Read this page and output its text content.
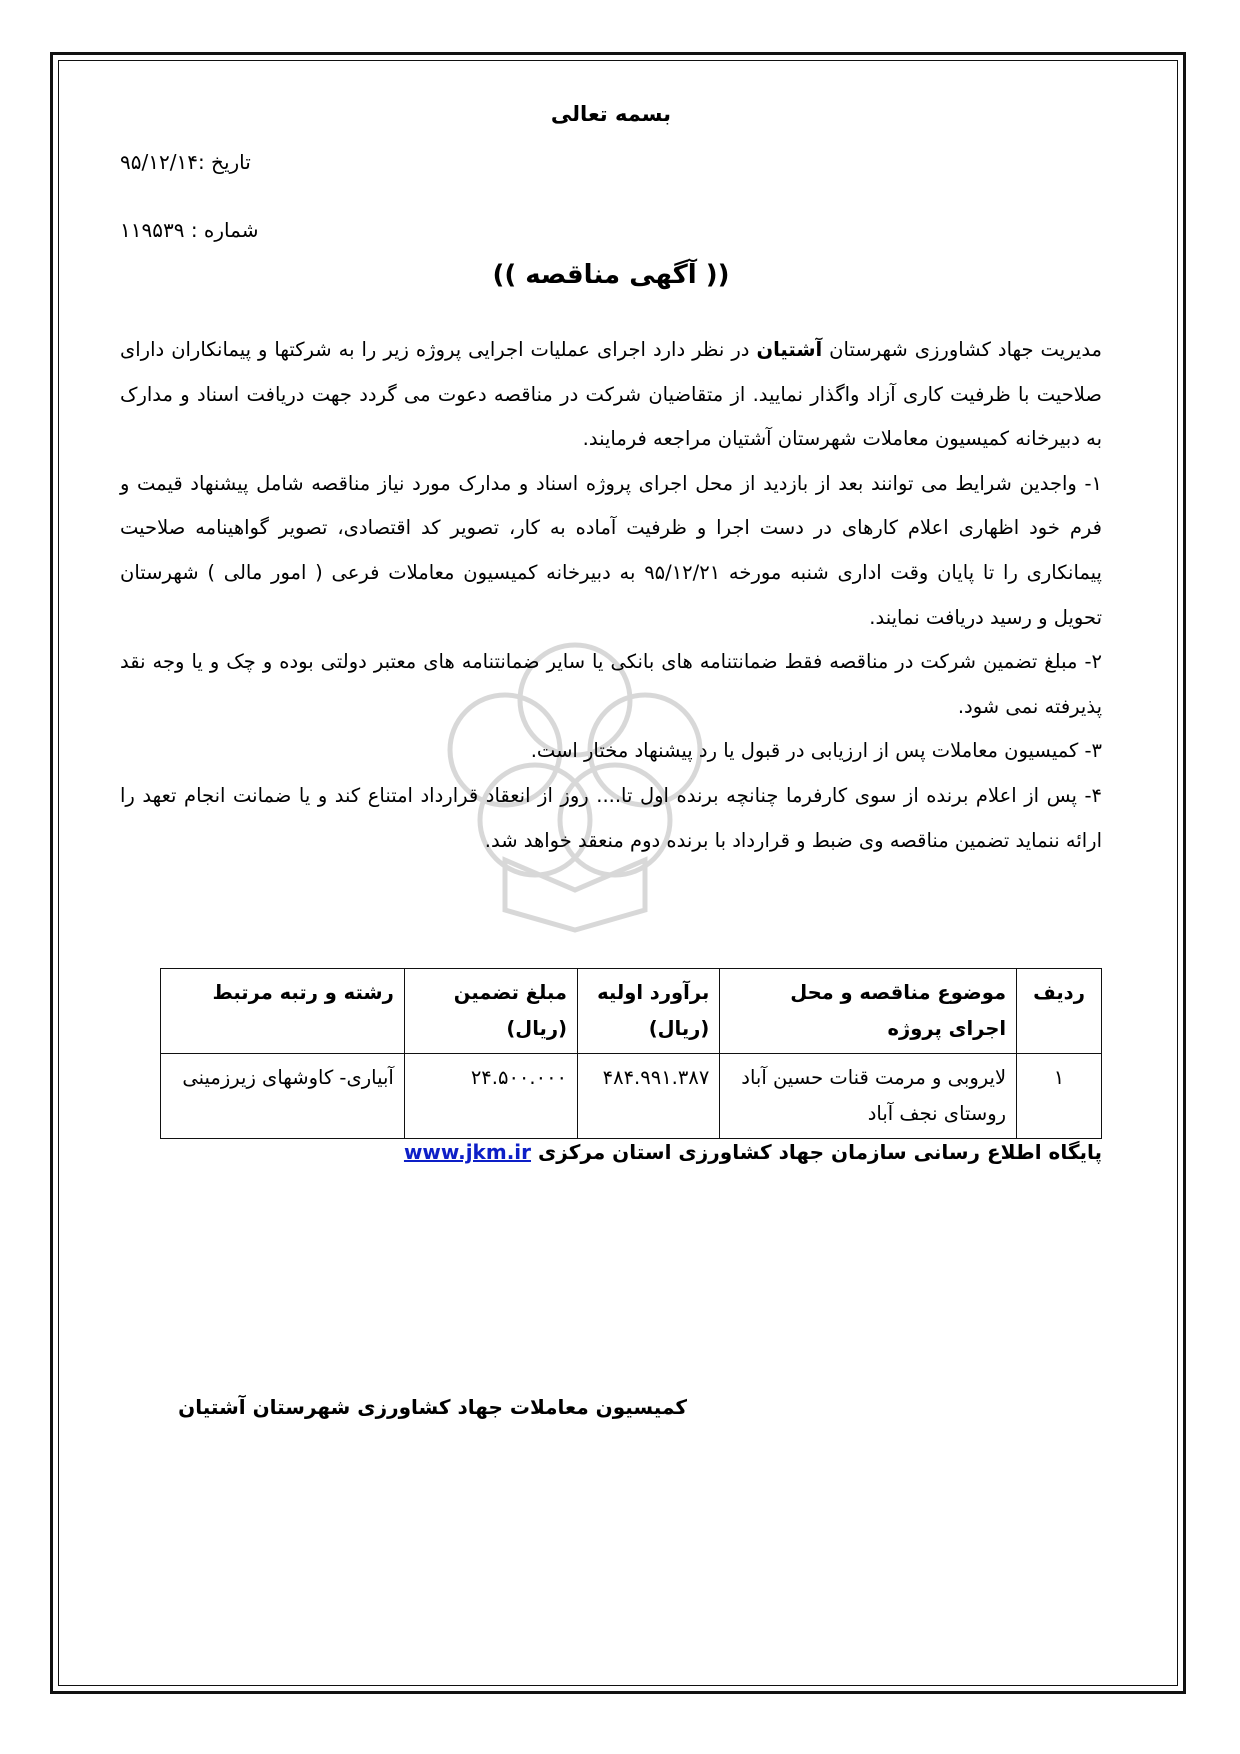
بسمه تعالی
تاریخ :۹۵/۱۲/۱۴
شماره : ۱۱۹۵۳۹
(( آگهی مناقصه ))

مدیریت جهاد کشاورزی شهرستان آشتیان در نظر دارد اجرای عملیات اجرایی پروژه زیر را به شرکتها و پیمانکاران دارای صلاحیت با ظرفیت کاری آزاد واگذار نمایید. از متقاضیان شرکت در مناقصه دعوت می گردد جهت دریافت اسناد و مدارک به دبیرخانه کمیسیون معاملات شهرستان آشتیان مراجعه فرمایند.

۱- واجدین شرایط می توانند بعد از بازدید از محل اجرای پروژه اسناد و مدارک مورد نیاز مناقصه شامل پیشنهاد قیمت و فرم خود اظهاری اعلام کارهای در دست اجرا و ظرفیت آماده به کار، تصویر کد اقتصادی، تصویر گواهینامه صلاحیت پیمانکاری را تا پایان وقت اداری شنبه مورخه ۹۵/۱۲/۲۱ به دبیرخانه کمیسیون معاملات فرعی ( امور مالی ) شهرستان تحویل و رسید دریافت نمایند.

۲- مبلغ تضمین شرکت در مناقصه فقط ضمانتنامه های بانکی یا سایر ضمانتنامه های معتبر دولتی بوده و چک و یا وجه نقد پذیرفته نمی شود.

۳- کمیسیون معاملات پس از ارزیابی در قبول یا رد پیشنهاد مختار است.

۴- پس از اعلام برنده از سوی کارفرما چنانچه برنده اول تا.... روز از انعقاد قرارداد امتناع کند و یا ضمانت انجام تعهد را ارائه ننماید تضمین مناقصه وی ضبط و قرارداد با برنده دوم منعقد خواهد شد.

ردیف	موضوع مناقصه و محل اجرای پروژه	برآورد اولیه (ریال)	مبلغ تضمین (ریال)	رشته و رتبه مرتبط
۱	لایروبی و مرمت قنات حسین آباد روستای نجف آباد	۴۸۴.۹۹۱.۳۸۷	۲۴.۵۰۰.۰۰۰	آبیاری- کاوشهای زیرزمینی
پایگاه اطلاع رسانی سازمان جهاد کشاورزی استان مرکزی www.jkm.ir
کمیسیون معاملات جهاد کشاورزی شهرستان آشتیان
